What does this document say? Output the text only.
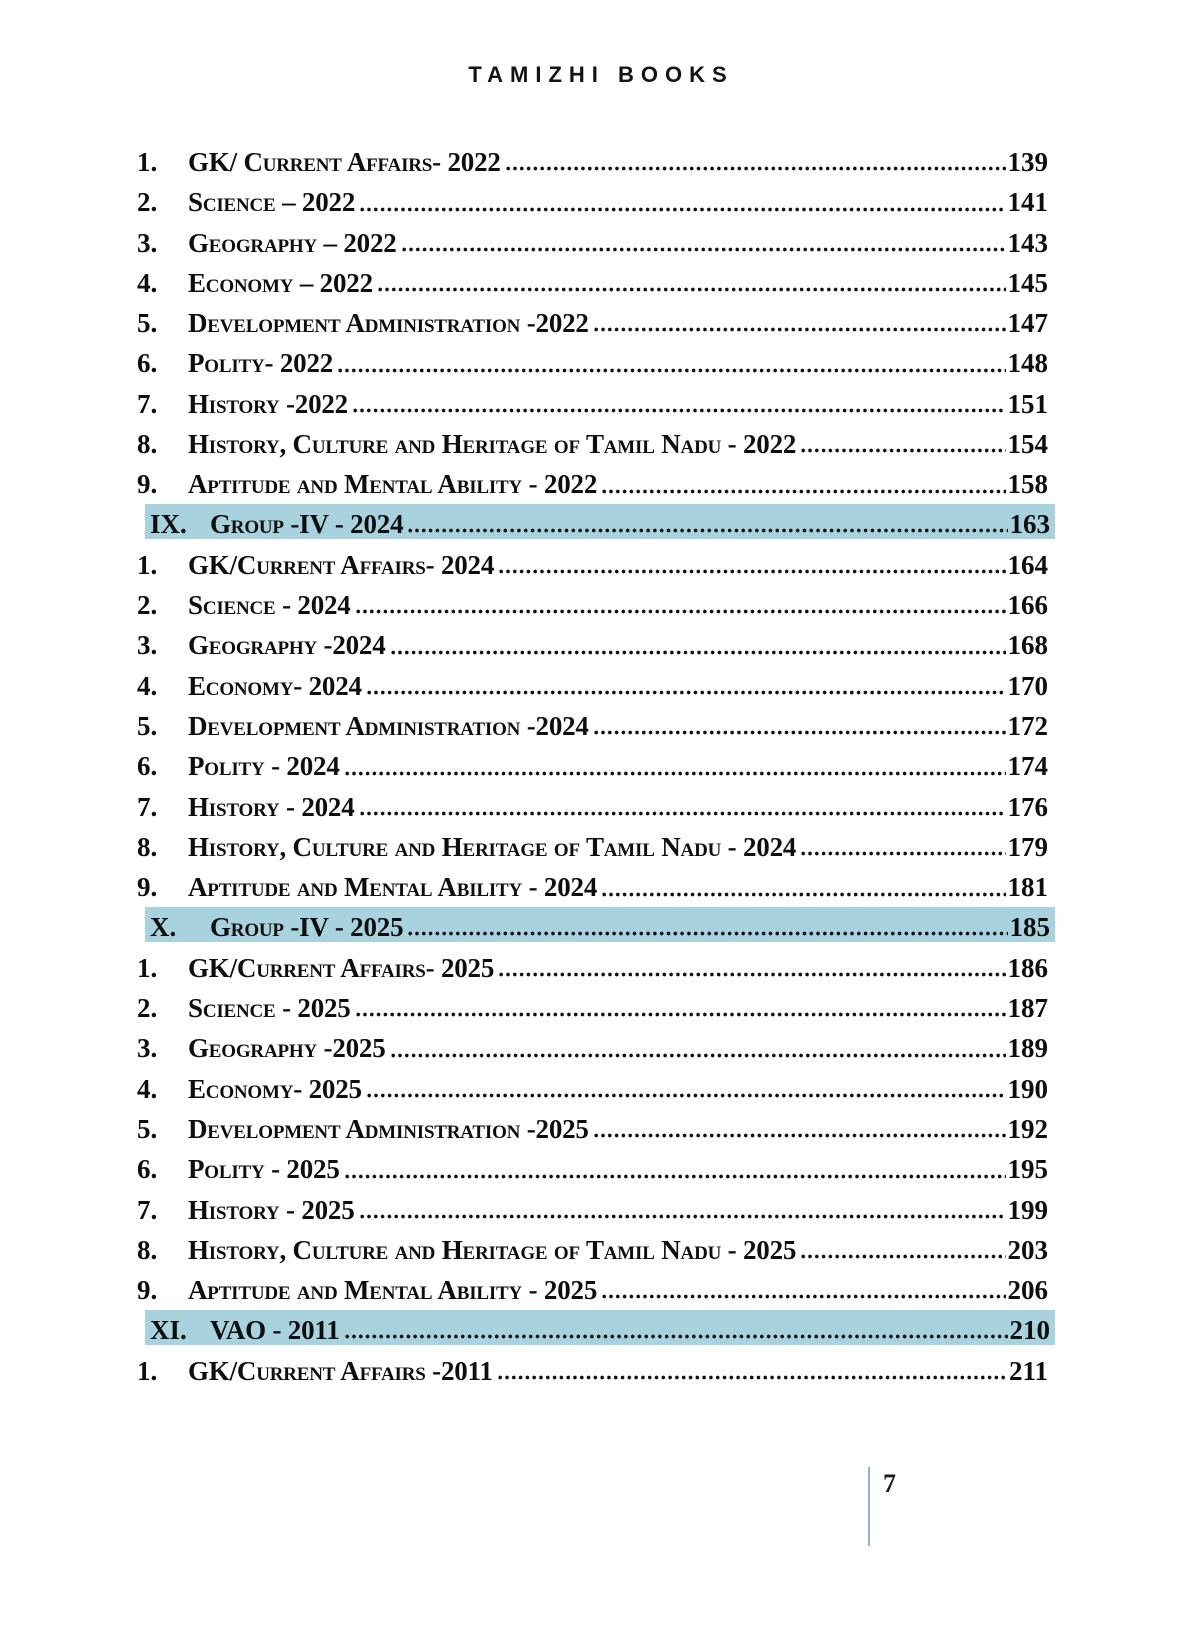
TAMIZHI BOOKS
1.	GK/ Current Affairs- 2022	139
2.	Science – 2022	141
3.	Geography – 2022	143
4.	Economy – 2022	145
5.	Development Administration -2022	147
6.	Polity- 2022	148
7.	History -2022	151
8.	History, Culture and Heritage of Tamil Nadu - 2022	154
9.	Aptitude and Mental Ability - 2022	158
IX. Group -IV - 2024	163
1.	GK/Current Affairs- 2024	164
2.	Science - 2024	166
3.	Geography -2024	168
4.	Economy- 2024	170
5.	Development Administration -2024	172
6.	Polity - 2024	174
7.	History - 2024	176
8.	History, Culture and Heritage of Tamil Nadu - 2024	179
9.	Aptitude and Mental Ability - 2024	181
X.	Group -IV - 2025	185
1.	GK/Current Affairs- 2025	186
2.	Science - 2025	187
3.	Geography -2025	189
4.	Economy- 2025	190
5.	Development Administration -2025	192
6.	Polity - 2025	195
7.	History - 2025	199
8.	History, Culture and Heritage of Tamil Nadu - 2025	203
9.	Aptitude and Mental Ability - 2025	206
XI. VAO - 2011	210
1.	GK/Current Affairs -2011	211
7
